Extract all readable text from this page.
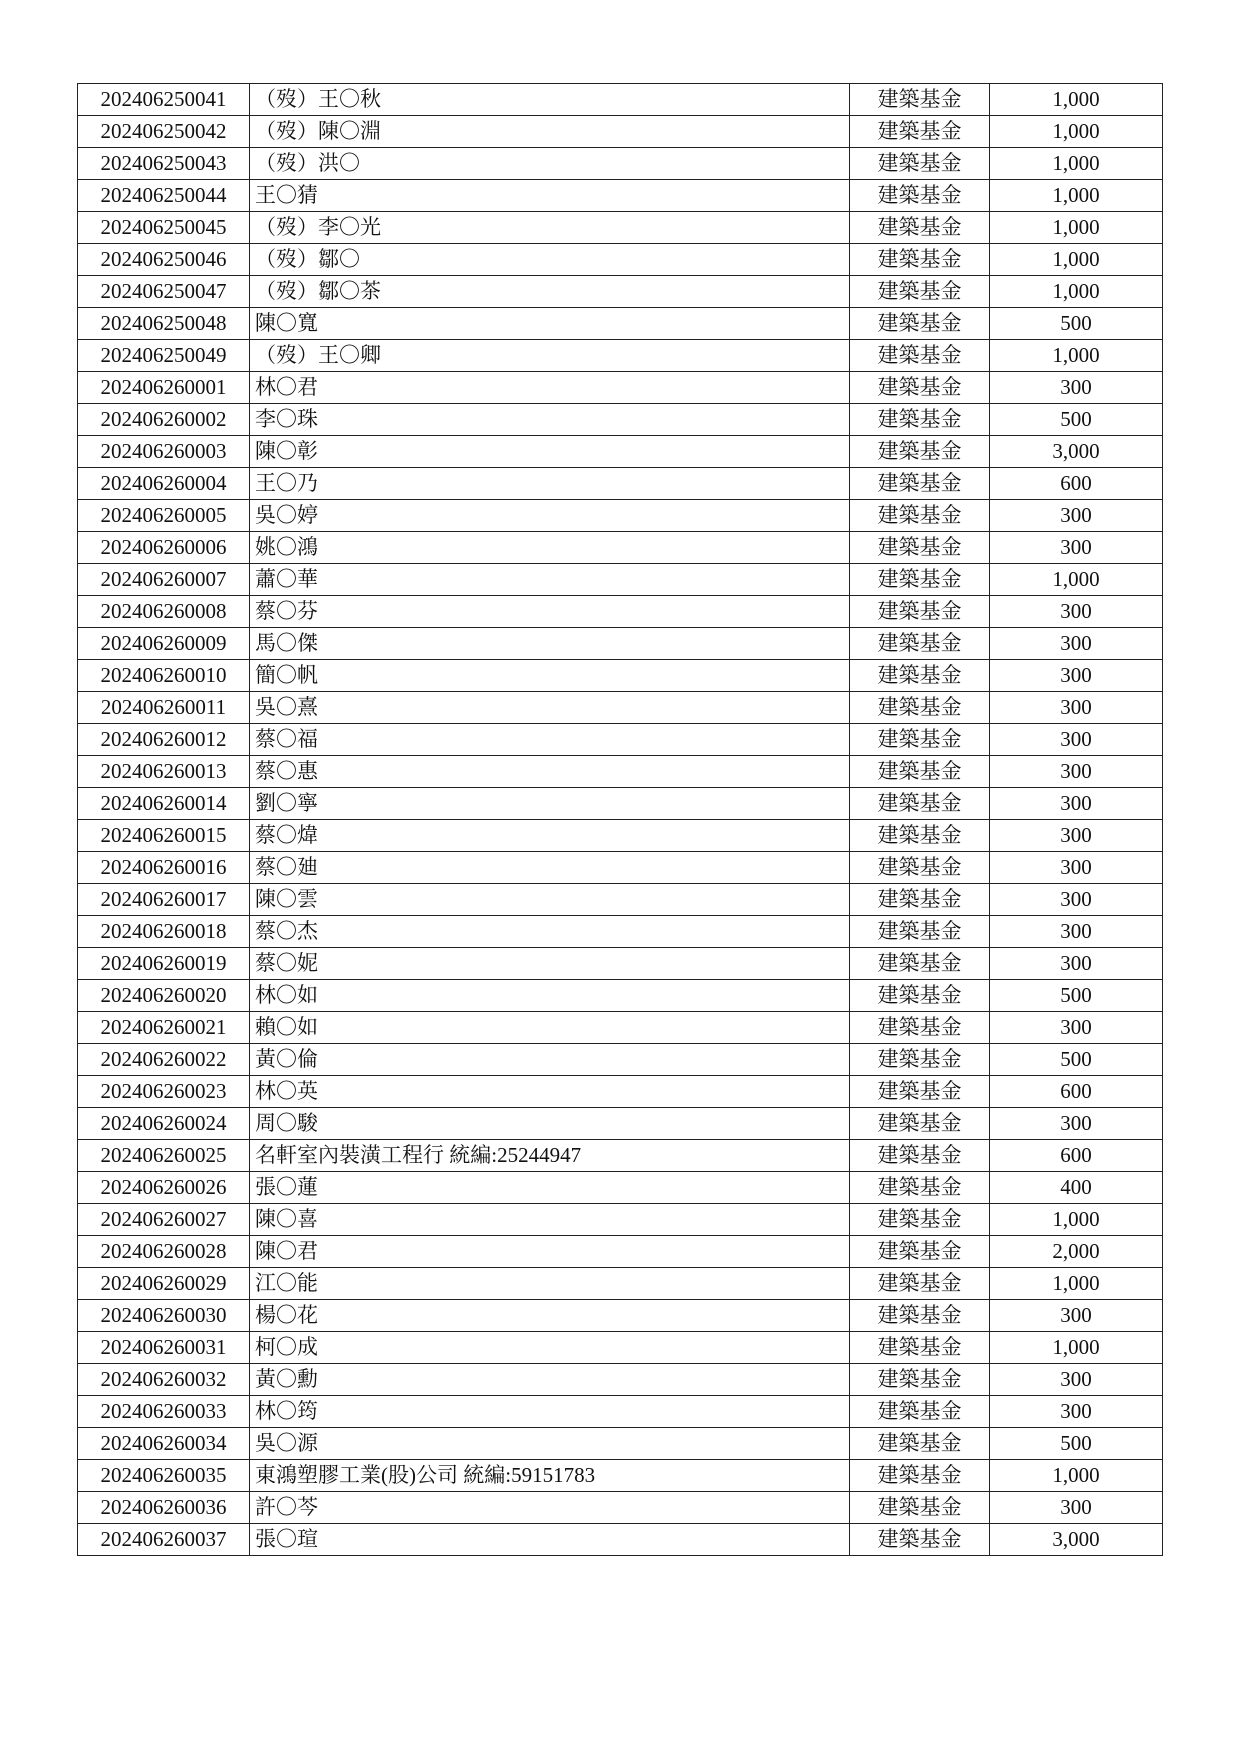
202406250041	（歿）王〇秋	建築基金	1,000
202406250042	（歿）陳〇淵	建築基金	1,000
202406250043	（歿）洪〇	建築基金	1,000
202406250044	王〇猜	建築基金	1,000
202406250045	（歿）李〇光	建築基金	1,000
202406250046	（歿）鄒〇	建築基金	1,000
202406250047	（歿）鄒〇茶	建築基金	1,000
202406250048	陳〇寬	建築基金	500
202406250049	（歿）王〇卿	建築基金	1,000
202406260001	林〇君	建築基金	300
202406260002	李〇珠	建築基金	500
202406260003	陳〇彰	建築基金	3,000
202406260004	王〇乃	建築基金	600
202406260005	吳〇婷	建築基金	300
202406260006	姚〇鴻	建築基金	300
202406260007	蕭〇華	建築基金	1,000
202406260008	蔡〇芬	建築基金	300
202406260009	馬〇傑	建築基金	300
202406260010	簡〇帆	建築基金	300
202406260011	吳〇熹	建築基金	300
202406260012	蔡〇福	建築基金	300
202406260013	蔡〇惠	建築基金	300
202406260014	劉〇寧	建築基金	300
202406260015	蔡〇煒	建築基金	300
202406260016	蔡〇廸	建築基金	300
202406260017	陳〇雲	建築基金	300
202406260018	蔡〇杰	建築基金	300
202406260019	蔡〇妮	建築基金	300
202406260020	林〇如	建築基金	500
202406260021	賴〇如	建築基金	300
202406260022	黃〇倫	建築基金	500
202406260023	林〇英	建築基金	600
202406260024	周〇駿	建築基金	300
202406260025	名軒室內裝潢工程行 統編:25244947	建築基金	600
202406260026	張〇蓮	建築基金	400
202406260027	陳〇喜	建築基金	1,000
202406260028	陳〇君	建築基金	2,000
202406260029	江〇能	建築基金	1,000
202406260030	楊〇花	建築基金	300
202406260031	柯〇成	建築基金	1,000
202406260032	黃〇勳	建築基金	300
202406260033	林〇筠	建築基金	300
202406260034	吳〇源	建築基金	500
202406260035	東鴻塑膠工業(股)公司 統編:59151783	建築基金	1,000
202406260036	許〇芩	建築基金	300
202406260037	張〇瑄	建築基金	3,000
